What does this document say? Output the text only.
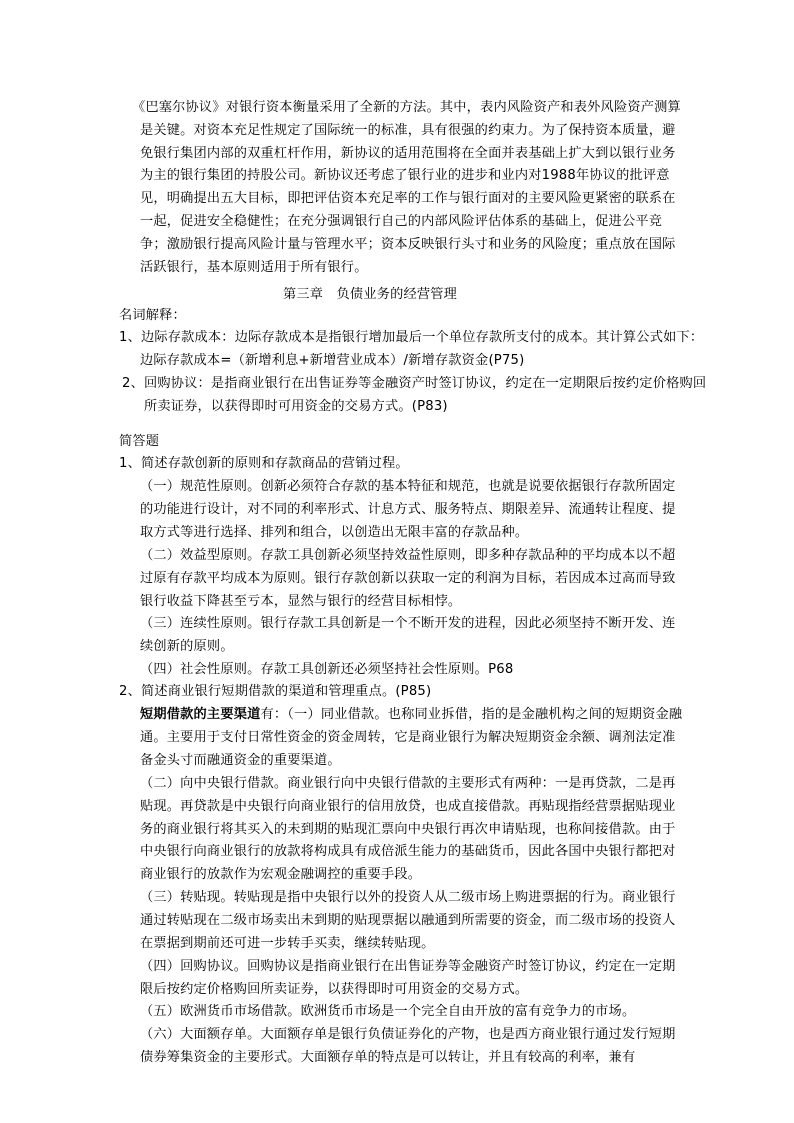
《巴塞尔协议》对银行资本衡量采用了全新的方法。其中，表内风险资产和表外风险资产测算是关键。对资本充足性规定了国际统一的标准，具有很强的约束力。为了保持资本质量，避免银行集团内部的双重杠杆作用，新协议的适用范围将在全面并表基础上扩大到以银行业务为主的银行集团的持股公司。新协议还考虑了银行业的进步和业内对1988年协议的批评意见，明确提出五大目标，即把评估资本充足率的工作与银行面对的主要风险更紧密的联系在一起，促进安全稳健性；在充分强调银行自己的内部风险评估体系的基础上，促进公平竞争；激励银行提高风险计量与管理水平；资本反映银行头寸和业务的风险度；重点放在国际活跃银行，基本原则适用于所有银行。

第三章　负债业务的经营管理

名词解释：

1、边际存款成本：边际存款成本是指银行增加最后一个单位存款所支付的成本。其计算公式如下：　　边际存款成本=（新增利息+新增营业成本）/新增存款资金(P75)

2、回购协议：是指商业银行在出售证券等金融资产时签订协议，约定在一定期限后按约定价格购回所卖证券，以获得即时可用资金的交易方式。(P83)

简答题

1、简述存款创新的原则和存款商品的营销过程。

（一）规范性原则。创新必须符合存款的基本特征和规范，也就是说要依据银行存款所固定的功能进行设计，对不同的利率形式、计息方式、服务特点、期限差异、流通转让程度、提取方式等进行选择、排列和组合，以创造出无限丰富的存款品种。

（二）效益型原则。存款工具创新必须坚持效益性原则，即多种存款品种的平均成本以不超过原有存款平均成本为原则。银行存款创新以获取一定的利润为目标，若因成本过高而导致银行收益下降甚至亏本，显然与银行的经营目标相悖。

（三）连续性原则。银行存款工具创新是一个不断开发的进程，因此必须坚持不断开发、连续创新的原则。

（四）社会性原则。存款工具创新还必须坚持社会性原则。P68

2、简述商业银行短期借款的渠道和管理重点。(P85)

短期借款的主要渠道有：（一）同业借款。也称同业拆借，指的是金融机构之间的短期资金融通。主要用于支付日常性资金的资金周转，它是商业银行为解决短期资金余额、调剂法定准备金头寸而融通资金的重要渠道。

（二）向中央银行借款。商业银行向中央银行借款的主要形式有两种：一是再贷款，二是再贴现。再贷款是中央银行向商业银行的信用放贷，也成直接借款。再贴现指经营票据贴现业务的商业银行将其买入的未到期的贴现汇票向中央银行再次申请贴现，也称间接借款。由于中央银行向商业银行的放款将构成具有成倍派生能力的基础货币，因此各国中央银行都把对商业银行的放款作为宏观金融调控的重要手段。

（三）转贴现。转贴现是指中央银行以外的投资人从二级市场上购进票据的行为。商业银行通过转贴现在二级市场卖出未到期的贴现票据以融通到所需要的资金，而二级市场的投资人在票据到期前还可进一步转手买卖，继续转贴现。

（四）回购协议。回购协议是指商业银行在出售证券等金融资产时签订协议，约定在一定期限后按约定价格购回所卖证券，以获得即时可用资金的交易方式。

（五）欧洲货币市场借款。欧洲货币市场是一个完全自由开放的富有竞争力的市场。

（六）大面额存单。大面额存单是银行负债证券化的产物，也是西方商业银行通过发行短期债券筹集资金的主要形式。大面额存单的特点是可以转让，并且有较高的利率，兼有
